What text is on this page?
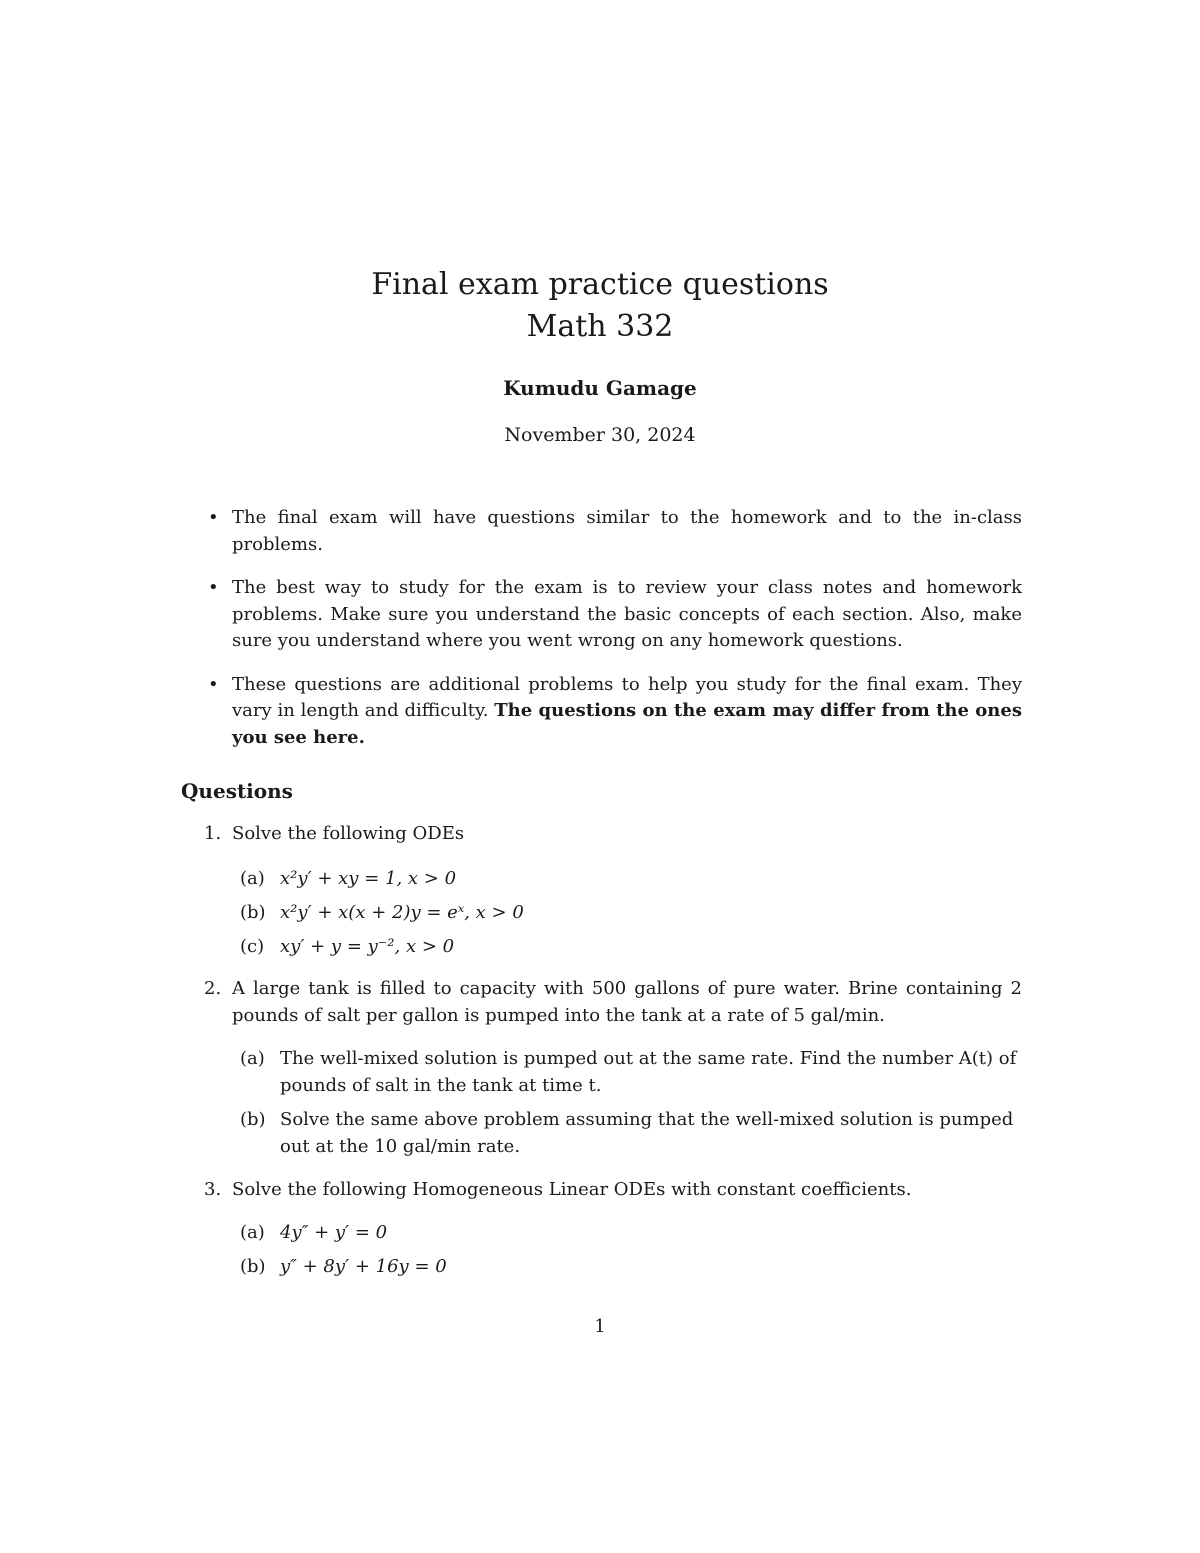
Final exam practice questions
Math 332
Kumudu Gamage
November 30, 2024
• The final exam will have questions similar to the homework and to the in-class problems.
• The best way to study for the exam is to review your class notes and homework problems. Make sure you understand the basic concepts of each section. Also, make sure you understand where you went wrong on any homework questions.
• These questions are additional problems to help you study for the final exam. They vary in length and difficulty. The questions on the exam may differ from the ones you see here.
Questions
1. Solve the following ODEs
(a) x²y′ + xy = 1, x > 0
(b) x²y′ + x(x + 2)y = eˣ, x > 0
(c) xy′ + y = y⁻², x > 0
2. A large tank is filled to capacity with 500 gallons of pure water. Brine containing 2 pounds of salt per gallon is pumped into the tank at a rate of 5 gal/min.
(a) The well-mixed solution is pumped out at the same rate. Find the number A(t) of pounds of salt in the tank at time t.
(b) Solve the same above problem assuming that the well-mixed solution is pumped out at the 10 gal/min rate.
3. Solve the following Homogeneous Linear ODEs with constant coefficients.
(a) 4y″ + y′ = 0
(b) y″ + 8y′ + 16y = 0
1
